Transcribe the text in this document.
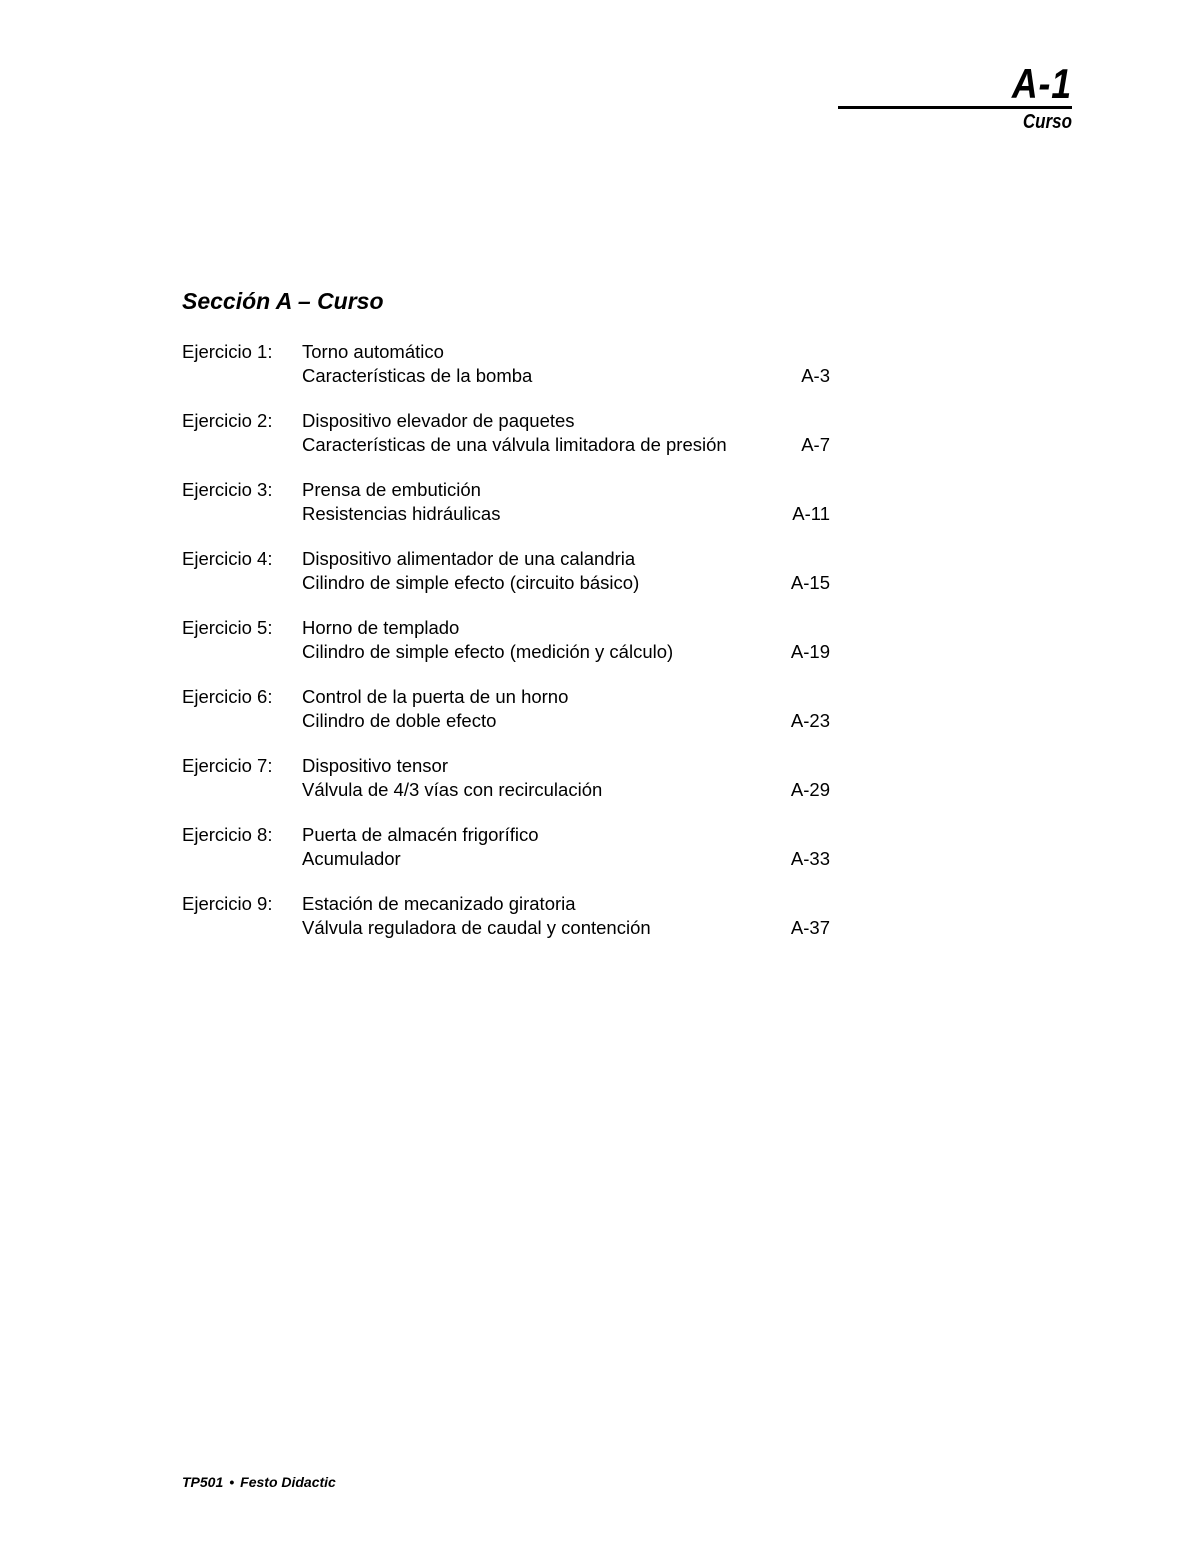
A-1
Curso
Sección A – Curso
Ejercicio 1: Torno automático
Características de la bomba	A-3
Ejercicio 2: Dispositivo elevador de paquetes
Características de una válvula limitadora de presión	A-7
Ejercicio 3: Prensa de embutición
Resistencias hidráulicas	A-11
Ejercicio 4: Dispositivo alimentador de una calandria
Cilindro de simple efecto (circuito básico)	A-15
Ejercicio 5: Horno de templado
Cilindro de simple efecto (medición y cálculo)	A-19
Ejercicio 6: Control de la puerta de un horno
Cilindro de doble efecto	A-23
Ejercicio 7: Dispositivo tensor
Válvula de 4/3 vías con recirculación	A-29
Ejercicio 8: Puerta de almacén frigorífico
Acumulador	A-33
Ejercicio 9: Estación de mecanizado giratoria
Válvula reguladora de caudal y contención	A-37
TP501 • Festo Didactic
